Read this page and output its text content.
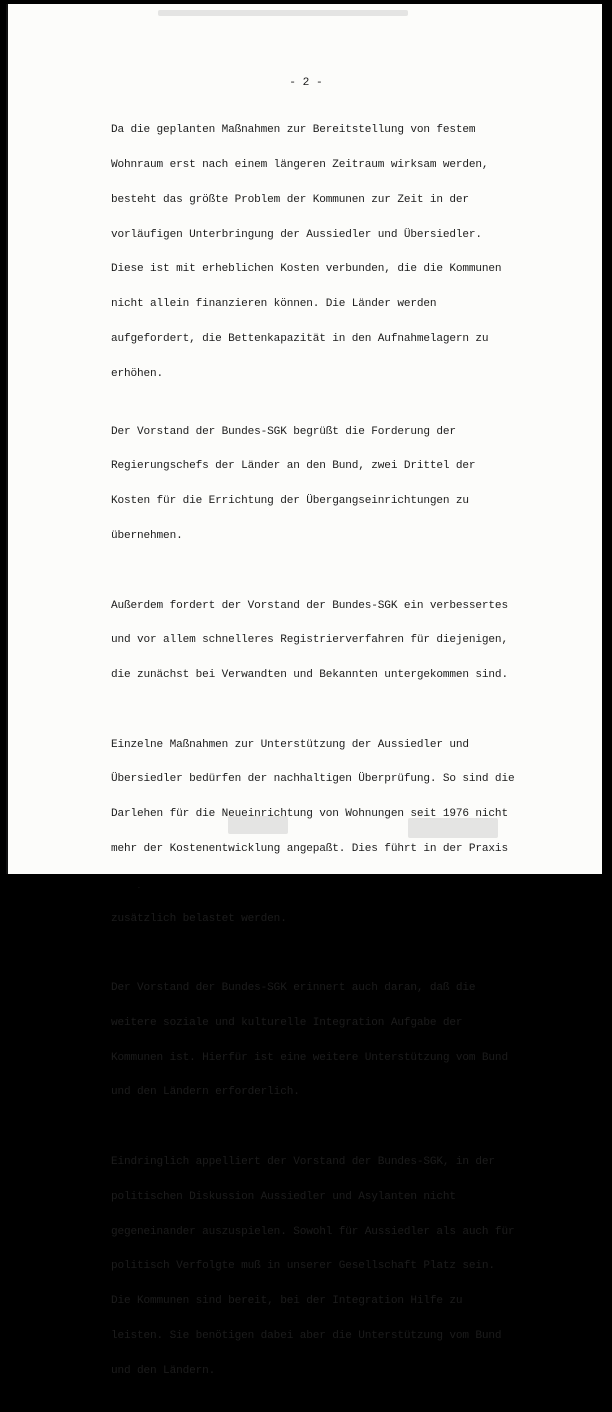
- 2 -

Da die geplanten Maßnahmen zur Bereitstellung von festem

Wohnraum erst nach einem längeren Zeitraum wirksam werden,

besteht das größte Problem der Kommunen zur Zeit in der

vorläufigen Unterbringung der Aussiedler und Übersiedler.

Diese ist mit erheblichen Kosten verbunden, die die Kommunen

nicht allein finanzieren können. Die Länder werden

aufgefordert, die Bettenkapazität in den Aufnahmelagern zu

erhöhen.

Der Vorstand der Bundes-SGK begrüßt die Forderung der

Regierungschefs der Länder an den Bund, zwei Drittel der

Kosten für die Errichtung der Übergangseinrichtungen zu

übernehmen.

Außerdem fordert der Vorstand der Bundes-SGK ein verbessertes

und vor allem schnelleres Registrierverfahren für diejenigen,

die zunächst bei Verwandten und Bekannten untergekommen sind.

Einzelne Maßnahmen zur Unterstützung der Aussiedler und

Übersiedler bedürfen der nachhaltigen Überprüfung. So sind die

Darlehen für die Neueinrichtung von Wohnungen seit 1976 nicht

mehr der Kostenentwicklung angepaßt. Dies führt in der Praxis

zusätzlich belastet werden.

Der Vorstand der Bundes-SGK erinnert auch daran, daß die

weitere soziale und kulturelle Integration Aufgabe der

Kommunen ist. Hierfür ist eine weitere Unterstützung vom Bund

und den Ländern erforderlich.

Eindringlich appelliert der Vorstand der Bundes-SGK, in der

politischen Diskussion Aussiedler und Asylanten nicht

gegeneinander auszuspielen. Sowohl für Aussiedler als auch für

politisch Verfolgte muß in unserer Gesellschaft Platz sein.

Die Kommunen sind bereit, bei der Integration Hilfe zu

leisten. Sie benötigen dabei aber die Unterstützung vom Bund

und den Ländern.
